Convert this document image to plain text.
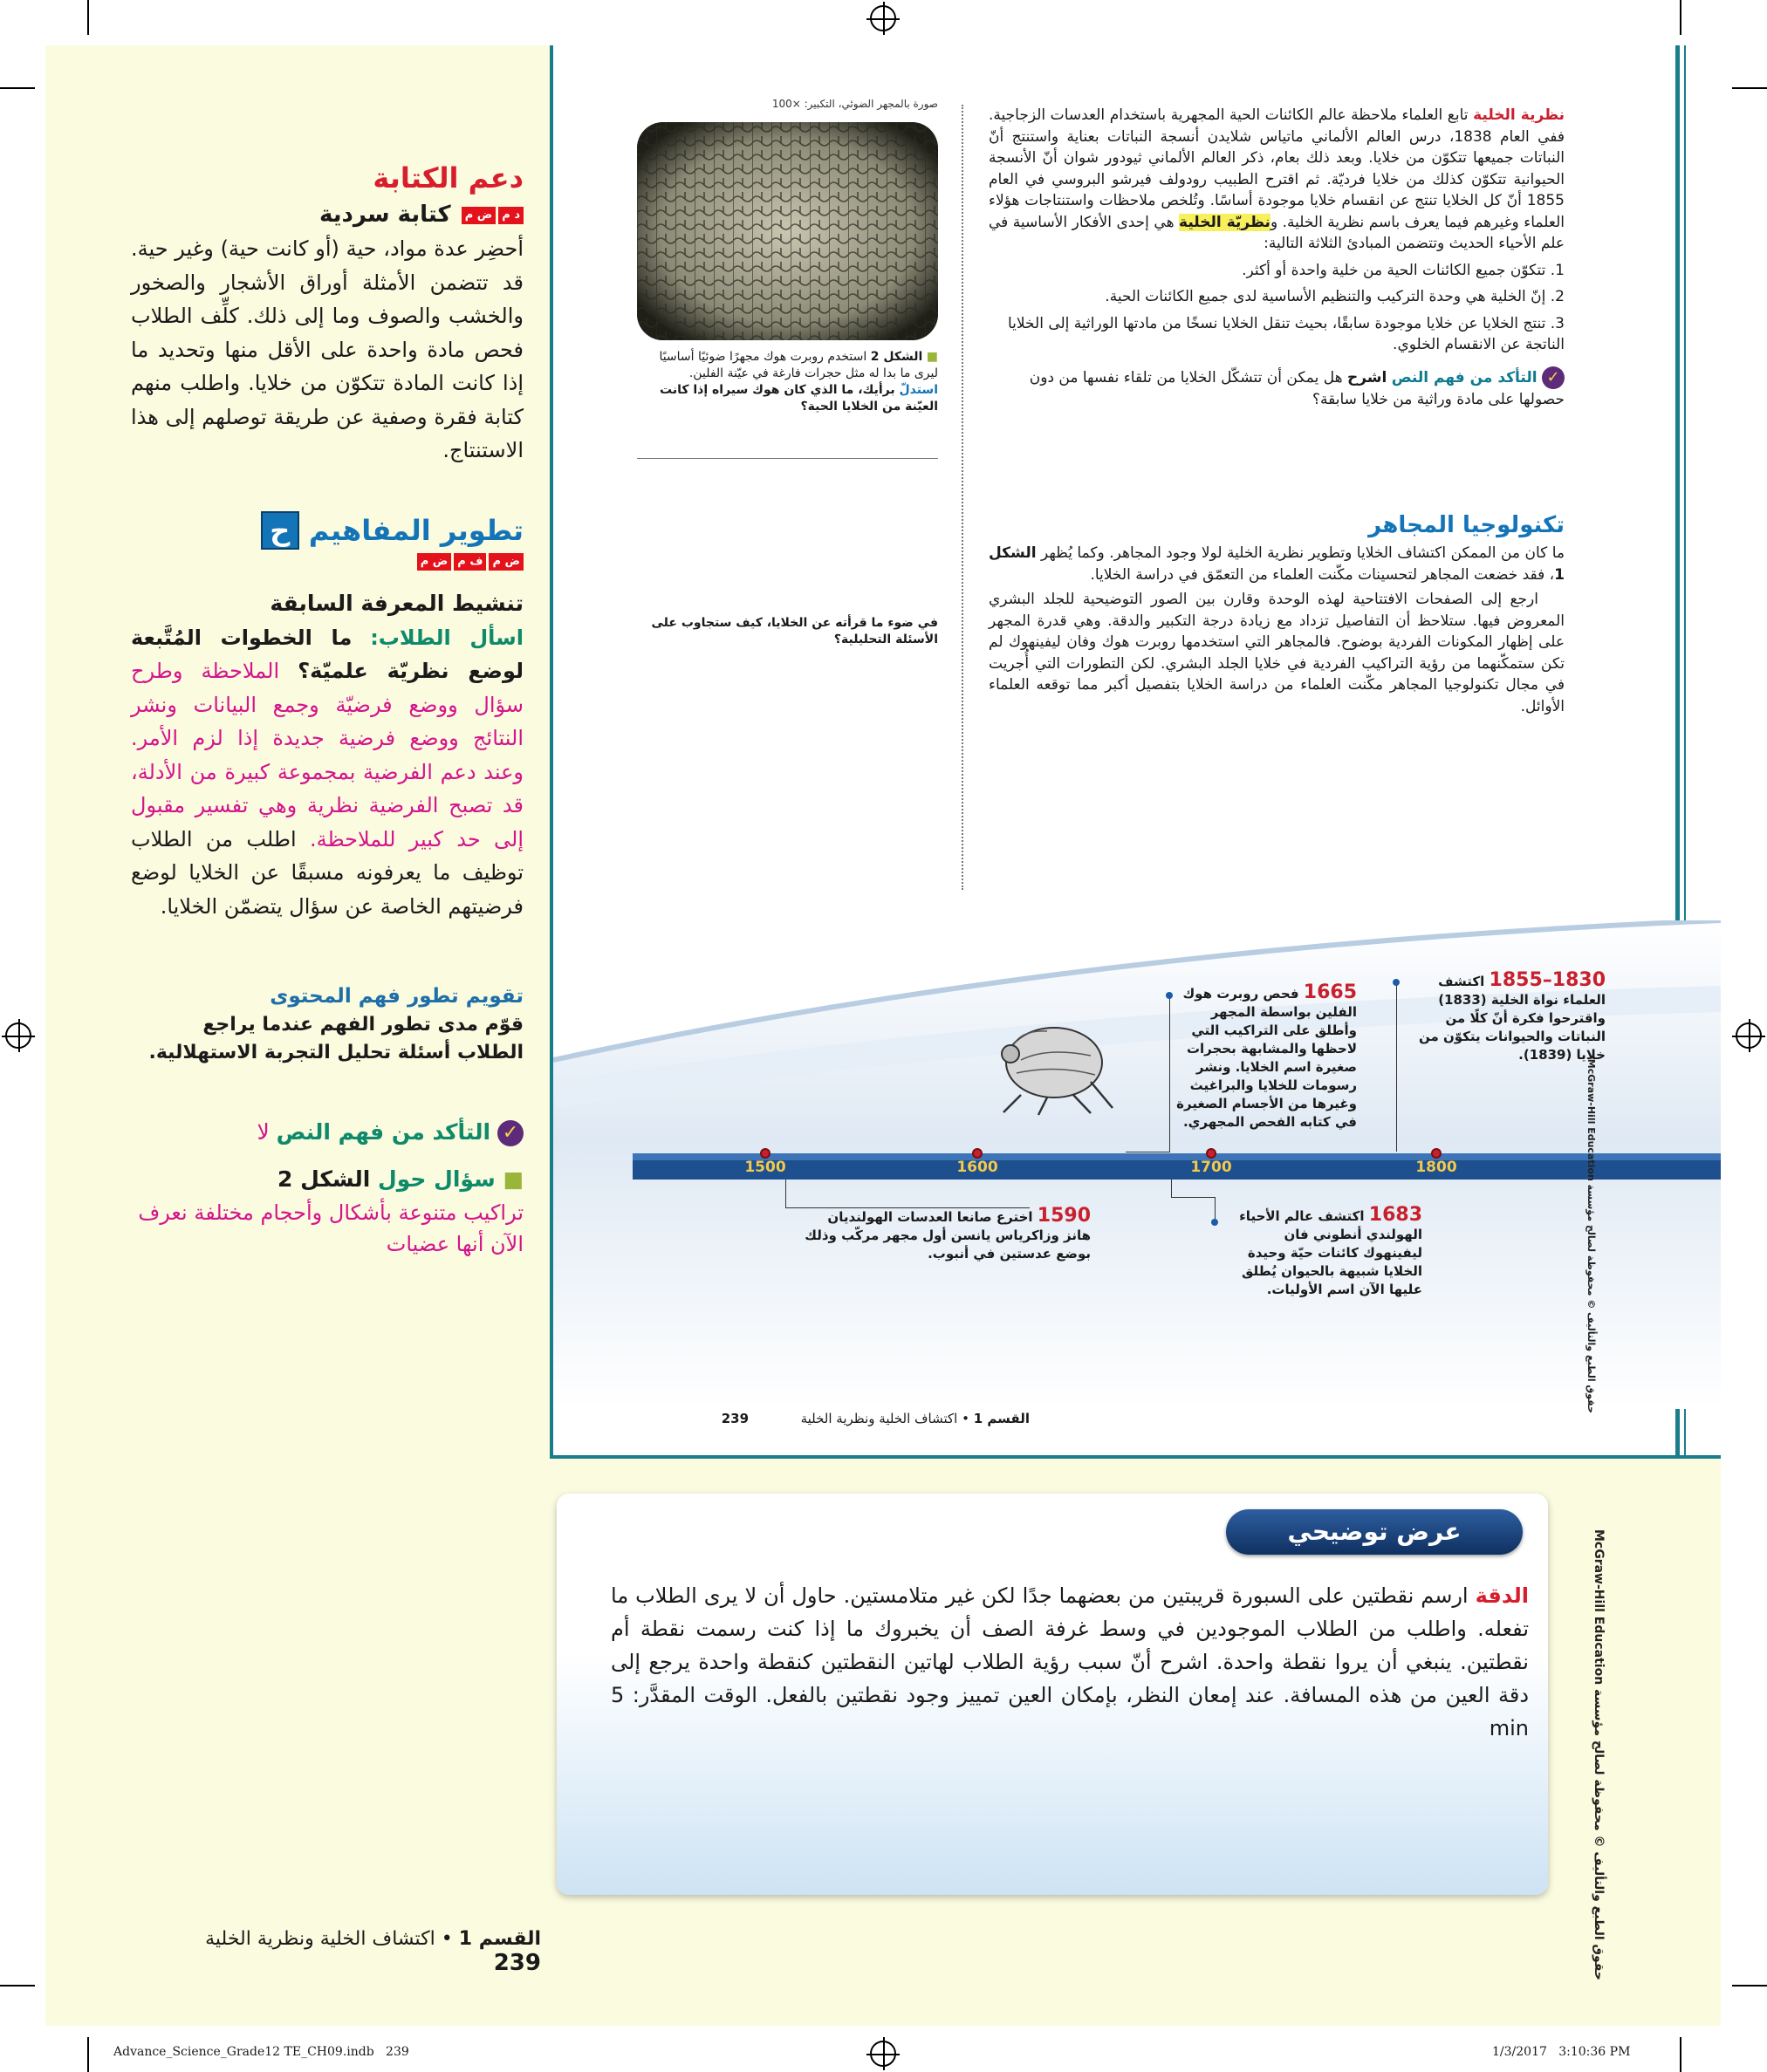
دعم الكتابة
د مض م كتابة سردية
أحضِر عدة مواد، حية (أو كانت حية) وغير حية. قد تتضمن الأمثلة أوراق الأشجار والصخور والخشب والصوف وما إلى ذلك. كلِّف الطلاب فحص مادة واحدة على الأقل منها وتحديد ما إذا كانت المادة تتكوّن من خلايا. واطلب منهم كتابة فقرة وصفية عن طريقة توصلهم إلى هذا الاستنتاج.
تطوير المفاهيم ح
ض مف مض م
تنشيط المعرفة السابقة
اسأل الطلاب: ما الخطوات المُتَّبعة لوضع نظريّة علميّة؟ الملاحظة وطرح سؤال ووضع فرضيّة وجمع البيانات ونشر النتائج ووضع فرضية جديدة إذا لزم الأمر. وعند دعم الفرضية بمجموعة كبيرة من الأدلة، قد تصبح الفرضية نظرية وهي تفسير مقبول إلى حد كبير للملاحظة. اطلب من الطلاب توظيف ما يعرفونه مسبقًا عن الخلايا لوضع فرضيتهم الخاصة عن سؤال يتضمّن الخلايا.
تقويم تطور فهم المحتوى
قوّم مدى تطور الفهم عندما يراجع الطلاب أسئلة تحليل التجربة الاستهلالية.
✓ التأكد من فهم النص لا
■ سؤال حول الشكل 2
تراكيب متنوعة بأشكال وأحجام مختلفة نعرف الآن أنها عضيات

نظرية الخلية تابع العلماء ملاحظة عالم الكائنات الحية المجهرية باستخدام العدسات الزجاجية. ففي العام 1838، درس العالم الألماني ماتياس شلايدن أنسجة النباتات بعناية واستنتج أنّ النباتات جميعها تتكوّن من خلايا. وبعد ذلك بعام، ذكر العالم الألماني ثيودور شوان أنّ الأنسجة الحيوانية تتكوّن كذلك من خلايا فرديّة. ثم اقترح الطبيب رودولف فيرشو البروسي في العام 1855 أنّ كل الخلايا تنتج عن انقسام خلايا موجودة أساسًا. وتُلخص ملاحظات واستنتاجات هؤلاء العلماء وغيرهم فيما يعرف باسم نظرية الخلية. ونظريّة الخلية هي إحدى الأفكار الأساسية في علم الأحياء الحديث وتتضمن المبادئ الثلاثة التالية:

1. تتكوّن جميع الكائنات الحية من خلية واحدة أو أكثر.
2. إنّ الخلية هي وحدة التركيب والتنظيم الأساسية لدى جميع الكائنات الحية.
3. تنتج الخلايا عن خلايا موجودة سابقًا، بحيث تنقل الخلايا نسخًا من مادتها الوراثية إلى الخلايا الناتجة عن الانقسام الخلوي.
✓ التأكد من فهم النص اشرح هل يمكن أن تتشكّل الخلايا من تلقاء نفسها من دون حصولها على مادة وراثية من خلايا سابقة؟
تكنولوجيا المجاهر

ما كان من الممكن اكتشاف الخلايا وتطوير نظرية الخلية لولا وجود المجاهر. وكما يُظهر الشكل 1، فقد خضعت المجاهر لتحسينات مكّنت العلماء من التعمّق في دراسة الخلايا.

ارجع إلى الصفحات الافتتاحية لهذه الوحدة وقارن بين الصور التوضيحية للجلد البشري المعروض فيها. ستلاحظ أن التفاصيل تزداد مع زيادة درجة التكبير والدقة. وهي قدرة المجهر على إظهار المكونات الفردية بوضوح. فالمجاهر التي استخدمها روبرت هوك وفان ليفينهوك لم تكن ستمكّنهما من رؤية التراكيب الفردية في خلايا الجلد البشري. لكن التطورات التي أُجريت في مجال تكنولوجيا المجاهر مكّنت العلماء من دراسة الخلايا بتفصيل أكبر مما توقعه العلماء الأوائل.

صورة بالمجهر الضوئي، التكبير: ×100
■ الشكل 2 استخدم روبرت هوك مجهرًا ضوئيًا أساسيًا ليرى ما بدا له مثل حجرات فارغة في عيّنة الفلين.
استدلّ برأيك، ما الذي كان هوك سيراه إذا كانت العيّنة من الخلايا الحية؟
في ضوء ما قرأته عن الخلايا، كيف ستجاوب على الأسئلة التحليلية؟
1500	1600	1700	1800
1830–1855 اكتشف العلماء نواة الخلية (1833) واقترحوا فكرة أنّ كلًا من النباتات والحيوانات يتكوّن من خلايا (1839).
1665 فحص روبرت هوك الفلين بواسطة المجهر وأطلق على التراكيب التي لاحظها والمشابهة بحجرات صغيرة اسم الخلايا. ونشر رسومات للخلايا والبراغيث وغيرها من الأجسام الصغيرة في كتابه الفحص المجهري.
1590 اخترع صانعا العدسات الهولنديان هانز وزاكرياس يانسن أول مجهر مركّب وذلك بوضع عدستين في أنبوب.
1683 اكتشف عالم الأحياء الهولندي أنطوني فان ليفينهوك كائنات حيّة وحيدة الخلايا شبيهة بالحيوان يُطلق عليها الآن اسم الأوليات.
القسم 1 • اكتشاف الخلية ونظرية الخلية  239
حقوق الطبع والتأليف © محفوظة لصالح مؤسسة McGraw-Hill Education
عرض توضيحي
الدقة ارسم نقطتين على السبورة قريبتين من بعضهما جدًا لكن غير متلامستين. حاول أن لا يرى الطلاب ما تفعله. واطلب من الطلاب الموجودين في وسط غرفة الصف أن يخبروك ما إذا كنت رسمت نقطة أم نقطتين. ينبغي أن يروا نقطة واحدة. اشرح أنّ سبب رؤية الطلاب لهاتين النقطتين كنقطة واحدة يرجع إلى دقة العين من هذه المسافة. عند إمعان النظر، بإمكان العين تمييز وجود نقطتين بالفعل. الوقت المقدَّر: 5 min
حقوق الطبع والتأليف © محفوظة لصالح مؤسسة McGraw-Hill Education
القسم 1 • اكتشاف الخلية ونظرية الخلية  239
Advance_Science_Grade12 TE_CH09.indb   239	1/3/2017   3:10:36 PM
